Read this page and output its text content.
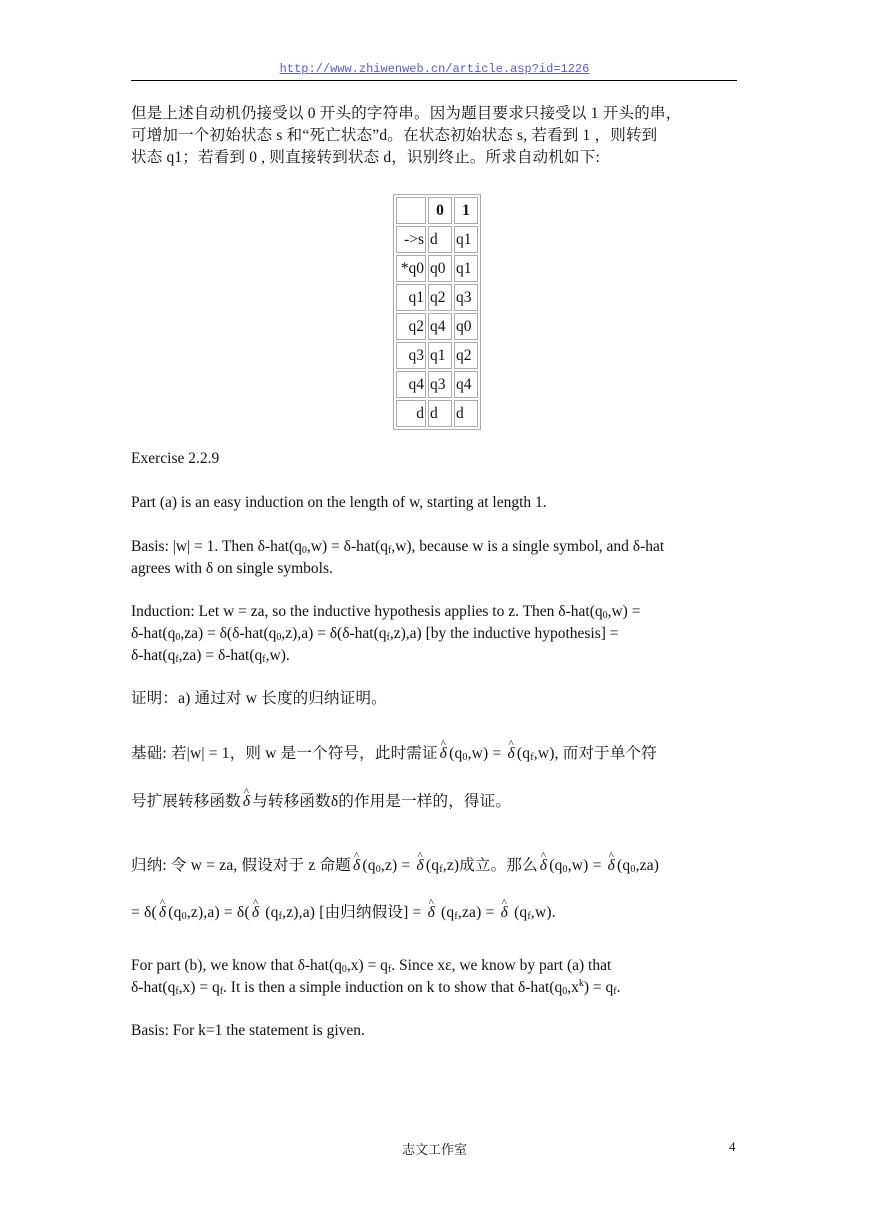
http://www.zhiwenweb.cn/article.asp?id=1226
但是上述自动机仍接受以 0 开头的字符串。因为题目要求只接受以 1 开头的串，
可增加一个初始状态 s 和“死亡状态”d。在状态初始状态 s, 若看到 1 ，则转到
状态 q1；若看到 0 , 则直接转到状态 d，识别终止。所求自动机如下:
	0	1
->s	d	q1
*q0	q0	q1
q1	q2	q3
q2	q4	q0
q3	q1	q2
q4	q3	q4
d	d	d
Exercise 2.2.9
Part (a) is an easy induction on the length of w, starting at length 1.
Basis: |w| = 1. Then $\delta-hat(q_0,w) = \delta-hat(q_f,w)$, because w is a single symbol, and δ-hat
agrees with δ on single symbols.
Induction: Let w = za, so the inductive hypothesis applies to z. Then $\delta-hat(q_0,w)$ =
$\delta-hat(q_0,za) = \delta(\delta-hat(q_0,z),a) = \delta(\delta-hat(q_f,z),a)$ [by the inductive hypothesis] =
$\delta-hat(q_f,za) = \delta-hat(q_f,w)$.
证明：a) 通过对 w 长度的归纳证明。
基础: 若|w| = 1，则 w 是一个符号，此时需证 ^ δ $(q_0,w)$ = ^ δ $(q_f,w)$, 而对于单个符
号扩展转移函数 ^ δ 与转移函数δ的作用是一样的，得证。
归纳: 令 w = za, 假设对于 z 命题 ^ δ $(q_0,z)$ = ^ δ $(q_f,z)$成立。那么 ^ δ $(q_0,w)$ = ^ δ $(q_0,za)$
= δ( ^ δ $(q_0,z),a) = \delta$( ^ δ $(q_f,z),a$) [由归纳假设] = ^ δ $(q_f,za)$ = ^ δ $(q_f,w)$.
For part (b), we know that $\delta-hat(q_0,x) = q_f$. Since xε, we know by part (a) that
$\delta-hat(q_f,x) = q_f$. It is then a simple induction on k to show that $\delta-hat(q_0,x^k) = q_f$.
Basis: For k=1 the statement is given.
志文工作室	4
